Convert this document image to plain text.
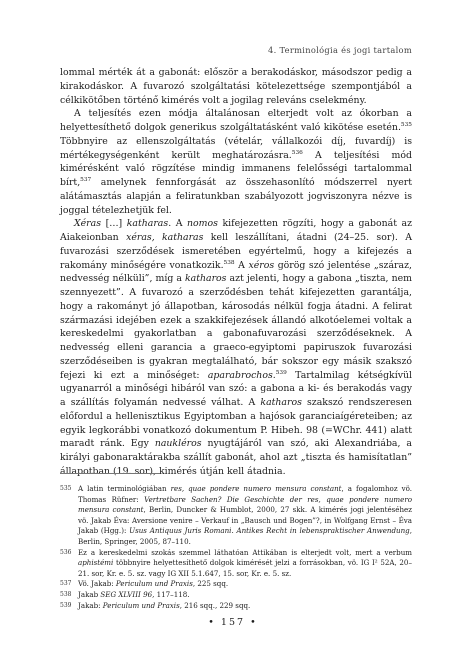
4. Terminológia és jogi tartalom

lommal mérték át a gabonát: először a berakodáskor, másodszor pedig a kirakodáskor. A fuvarozó szolgáltatási kötelezettsége szempontjából a célkikötőben történő kimérés volt a jogilag releváns cselekmény.

A teljesítés ezen módja általánosan elterjedt volt az ókorban a helyettesíthető dolgok generikus szolgáltatásként való kikötése esetén.$^{535}$ Többnyire az ellenszolgáltatás (vételár, vállalkozói díj, fuvardíj) is mértékegységenként került meghatározásra.$^{536}$ A teljesítési mód kimérésként való rögzítése mindig immanens felelősségi tartalommal bírt,$^{537}$ amelynek fennforgását az összehasonlító módszerrel nyert alátámasztás alapján a feliratunkban szabályozott jogviszonyra nézve is joggal tételezhetjük fel.

Xéras […] katharas. A nomos kifejezetten rögzíti, hogy a gabonát az Aiakeionban xéras, katharas kell leszállítani, átadni (24–25. sor). A fuvarozási szerződések ismeretében egyértelmű, hogy a kifejezés a rakomány minőségére vonatkozik.$^{538}$ A xéros görög szó jelentése „száraz, nedvesség nélküli”, míg a katharos azt jelenti, hogy a gabona „tiszta, nem szennyezett”. A fuvarozó a szerződésben tehát kifejezetten garantálja, hogy a rakományt jó állapotban, károsodás nélkül fogja átadni. A felirat származási idejében ezek a szakkifejezések állandó alkotóelemei voltak a kereskedelmi gyakorlatban a gabonafuvarozási szerződéseknek. A nedvesség elleni garancia a graeco-egyiptomi papiruszok fuvarozási szerződéseiben is gyakran megtalálható, bár sokszor egy másik szakszó fejezi ki ezt a minőséget: aparabrochos.$^{539}$ Tartalmilag kétségkívül ugyanarról a minőségi hibáról van szó: a gabona a ki- és berakodás vagy a szállítás folyamán nedvessé válhat. A katharos szakszó rendszeresen előfordul a hellenisztikus Egyiptomban a hajósok garanciaígéreteiben; az egyik legkorábbi vonatkozó dokumentum P. Hibeh. 98 (=WChr. 441) alatt maradt ránk. Egy naukléros nyugtájáról van szó, aki Alexandriába, a királyi gabonaraktárakba szállít gabonát, ahol azt „tiszta és hamisítatlan” állapotban (19. sor), kimérés útján kell átadnia.

535 A latin terminológiában res, quae pondere numero mensura constant, a fogalomhoz vö. Thomas Rüfner: Vertretbare Sachen? Die Geschichte der res, quae pondere numero mensura constant, Berlin, Duncker & Humblot, 2000, 27 skk. A kimérés jogi jelentéséhez vö. Jakab Éva: Aversione venire – Verkauf in „Bausch und Bogen”?, in Wolfgang Ernst – Éva Jakab (Hgg.): Usus Antiquus Juris Romani. Antikes Recht in lebenspraktischer Anwendung, Berlin, Springer, 2005, 87–110.
536 Ez a kereskedelmi szokás szemmel láthatóan Attikában is elterjedt volt, mert a verbum aphistémi többnyire helyettesíthető dolgok kimérését jelzi a forrásokban, vö. IG I² 52A, 20–21. sor, Kr. e. 5. sz. vagy IG XII 5.1.647, 15. sor, Kr. e. 5. sz.
537 Vö. Jakab: Periculum und Praxis, 225 sqq.
538 Jakab SEG XLVIII 96, 117–118.
539 Jakab: Periculum und Praxis, 216 sqq., 229 sqq.
• 157 •
